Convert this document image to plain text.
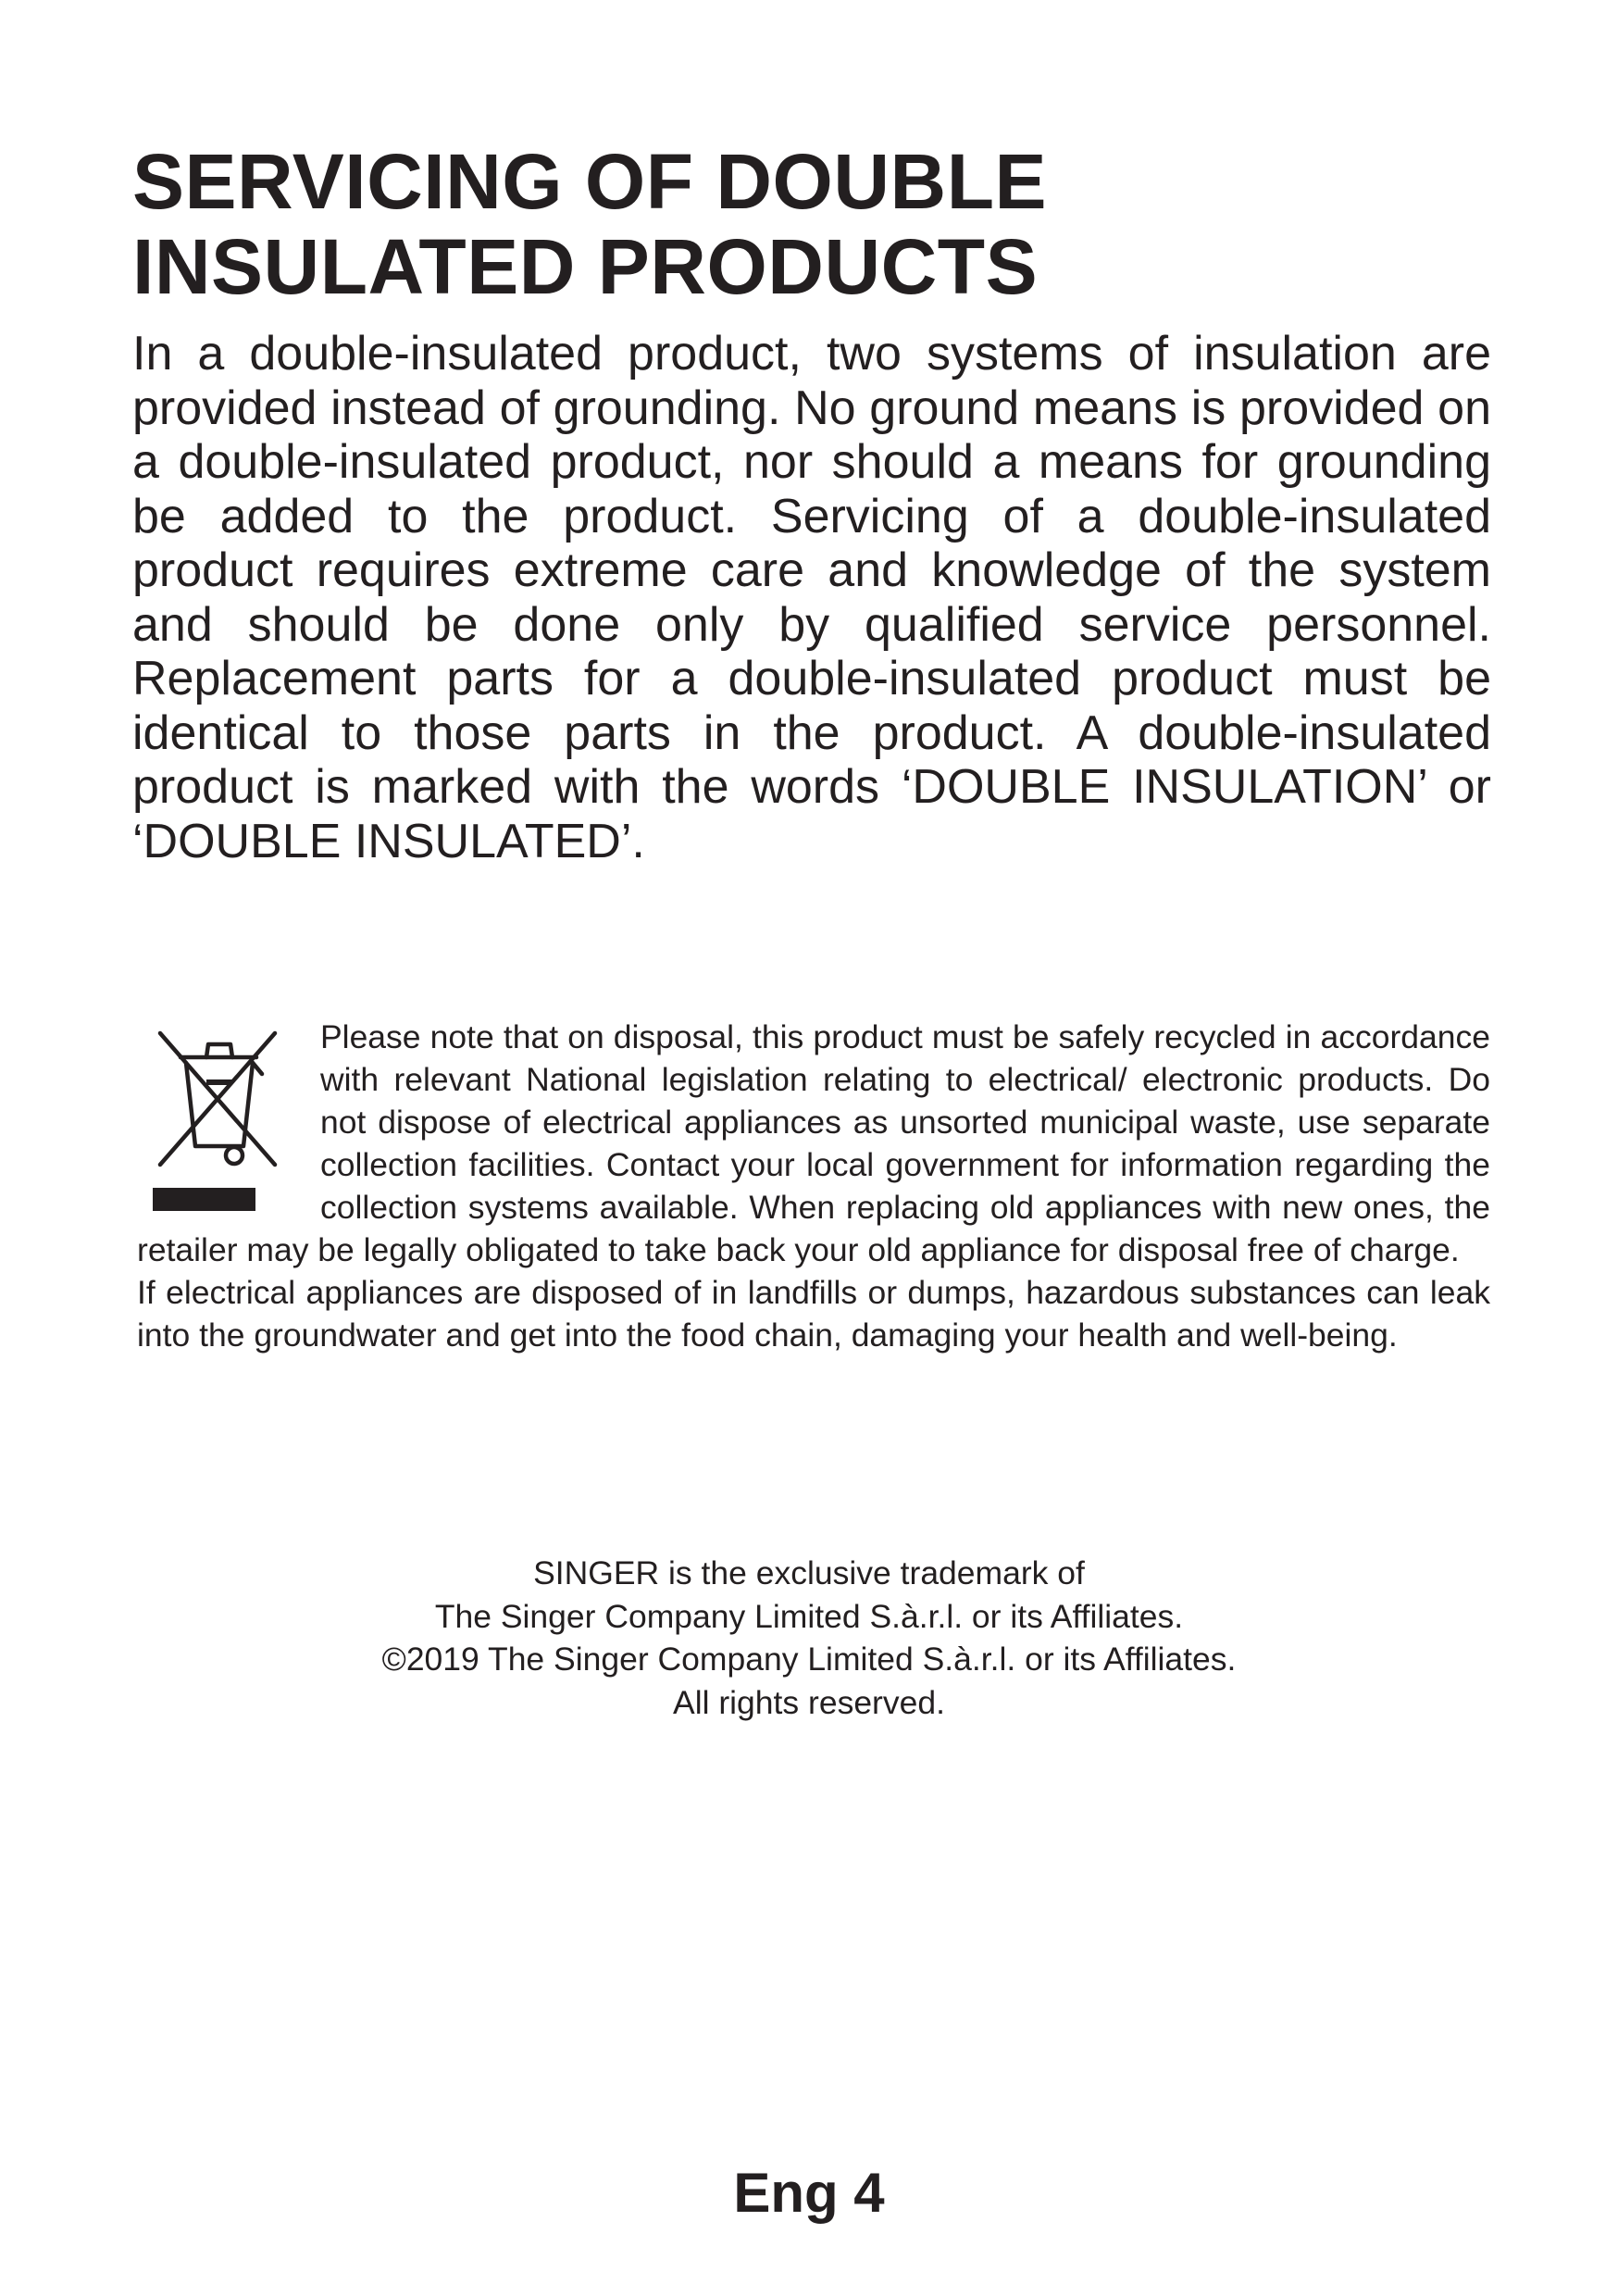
SERVICING OF DOUBLE INSULATED PRODUCTS

In a double-insulated product, two systems of insulation are provided instead of grounding. No ground means is provided on a double-insulated product, nor should a means for grounding be added to the product. Servicing of a double-insulated product requires extreme care and knowledge of the system and should be done only by qualified service personnel. Replacement parts for a double-insulated product must be identical to those parts in the product. A double-insulated product is marked with the words ‘DOUBLE INSULATION’ or ‘DOUBLE INSULATED’.

Please note that on disposal, this product must be safely recycled in accordance with relevant National legislation relating to electrical/ electronic products. Do not dispose of electrical appliances as unsorted municipal waste, use separate collection facilities. Contact your local government for information regarding the collection systems available. When replacing old appliances with new ones, the retailer may be legally obligated to take back your old appliance for disposal free of charge.

If electrical appliances are disposed of in landfills or dumps, hazardous substances can leak into the groundwater and get into the food chain, damaging your health and well-being.

SINGER is the exclusive trademark of
The Singer Company Limited S.à.r.l. or its Affiliates.
©2019 The Singer Company Limited S.à.r.l. or its Affiliates.
All rights reserved.
Eng 4
